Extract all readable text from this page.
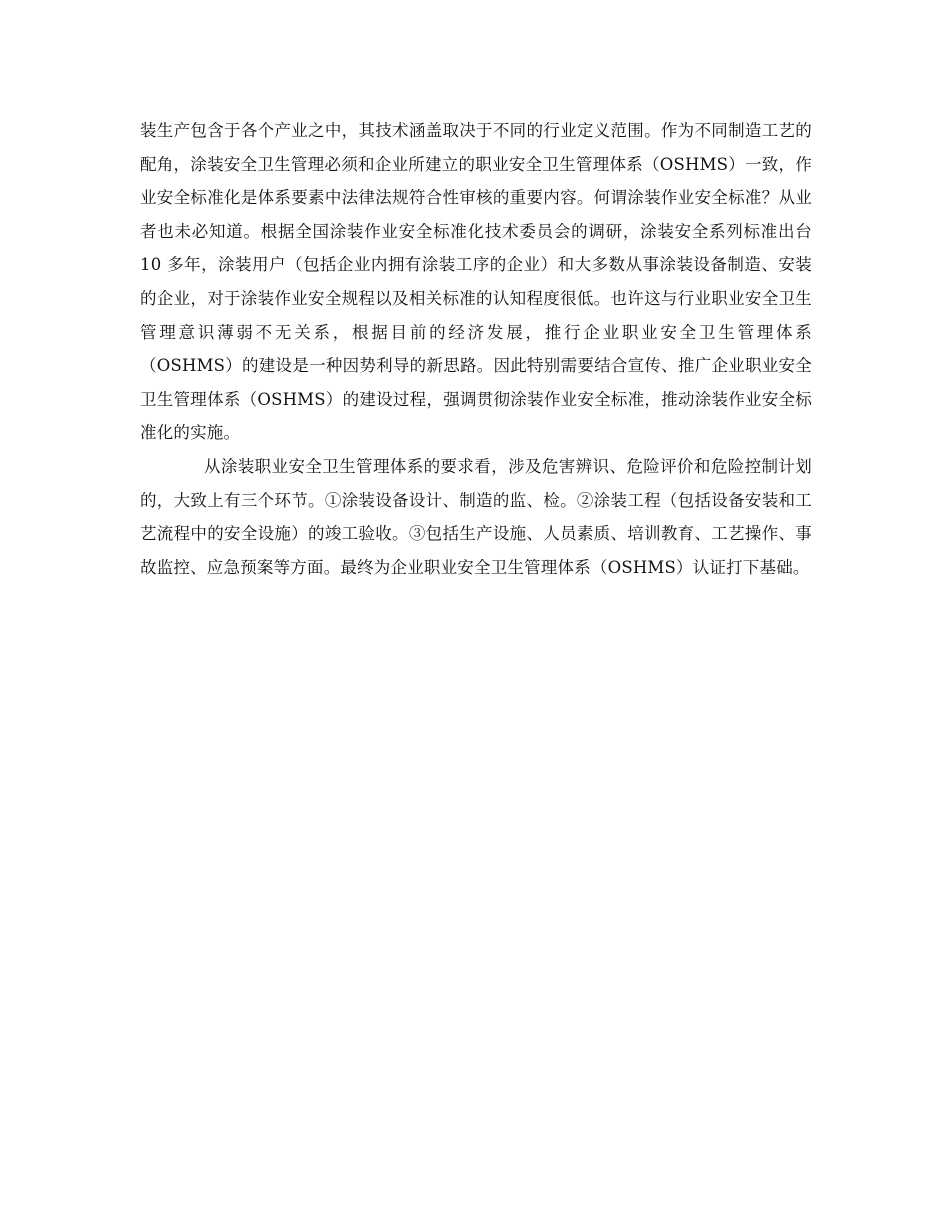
装生产包含于各个产业之中，其技术涵盖取决于不同的行业定义范围。作为不同制造工艺的配角，涂装安全卫生管理必须和企业所建立的职业安全卫生管理体系（OSHMS）一致，作业安全标准化是体系要素中法律法规符合性审核的重要内容。何谓涂装作业安全标准？从业者也未必知道。根据全国涂装作业安全标准化技术委员会的调研，涂装安全系列标准出台 10 多年，涂装用户（包括企业内拥有涂装工序的企业）和大多数从事涂装设备制造、安装的企业，对于涂装作业安全规程以及相关标准的认知程度很低。也许这与行业职业安全卫生管理意识薄弱不无关系，根据目前的经济发展，推行企业职业安全卫生管理体系（OSHMS）的建设是一种因势利导的新思路。因此特别需要结合宣传、推广企业职业安全卫生管理体系（OSHMS）的建设过程，强调贯彻涂装作业安全标准，推动涂装作业安全标准化的实施。

从涂装职业安全卫生管理体系的要求看，涉及危害辨识、危险评价和危险控制计划的，大致上有三个环节。①涂装设备设计、制造的监、检。②涂装工程（包括设备安装和工艺流程中的安全设施）的竣工验收。③包括生产设施、人员素质、培训教育、工艺操作、事故监控、应急预案等方面。最终为企业职业安全卫生管理体系（OSHMS）认证打下基础。
